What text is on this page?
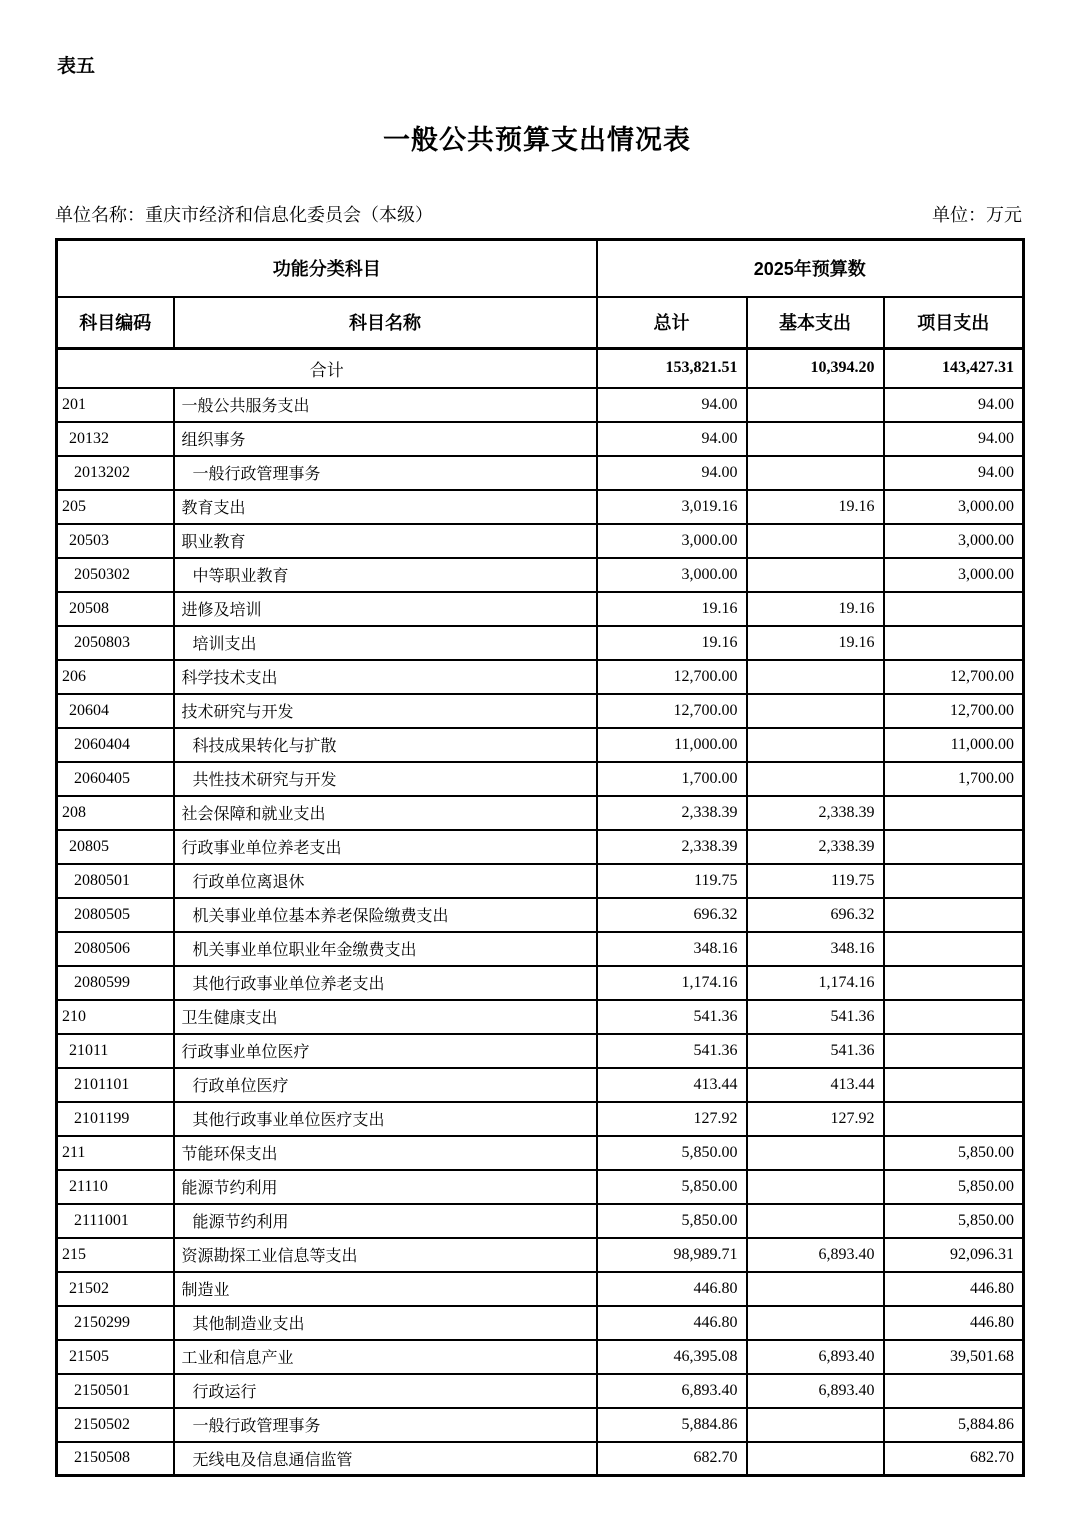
表五
一般公共预算支出情况表
单位名称：重庆市经济和信息化委员会（本级）	单位：万元
功能分类科目		2025年预算数		
科目编码	科目名称	总计	基本支出	项目支出
合计		153,821.51	10,394.20	143,427.31
201	一般公共服务支出	94.00		94.00
20132	组织事务	94.00		94.00
2013202	一般行政管理事务	94.00		94.00
205	教育支出	3,019.16	19.16	3,000.00
20503	职业教育	3,000.00		3,000.00
2050302	中等职业教育	3,000.00		3,000.00
20508	进修及培训	19.16	19.16	
2050803	培训支出	19.16	19.16	
206	科学技术支出	12,700.00		12,700.00
20604	技术研究与开发	12,700.00		12,700.00
2060404	科技成果转化与扩散	11,000.00		11,000.00
2060405	共性技术研究与开发	1,700.00		1,700.00
208	社会保障和就业支出	2,338.39	2,338.39	
20805	行政事业单位养老支出	2,338.39	2,338.39	
2080501	行政单位离退休	119.75	119.75	
2080505	机关事业单位基本养老保险缴费支出	696.32	696.32	
2080506	机关事业单位职业年金缴费支出	348.16	348.16	
2080599	其他行政事业单位养老支出	1,174.16	1,174.16	
210	卫生健康支出	541.36	541.36	
21011	行政事业单位医疗	541.36	541.36	
2101101	行政单位医疗	413.44	413.44	
2101199	其他行政事业单位医疗支出	127.92	127.92	
211	节能环保支出	5,850.00		5,850.00
21110	能源节约利用	5,850.00		5,850.00
2111001	能源节约利用	5,850.00		5,850.00
215	资源勘探工业信息等支出	98,989.71	6,893.40	92,096.31
21502	制造业	446.80		446.80
2150299	其他制造业支出	446.80		446.80
21505	工业和信息产业	46,395.08	6,893.40	39,501.68
2150501	行政运行	6,893.40	6,893.40	
2150502	一般行政管理事务	5,884.86		5,884.86
2150508	无线电及信息通信监管	682.70		682.70
